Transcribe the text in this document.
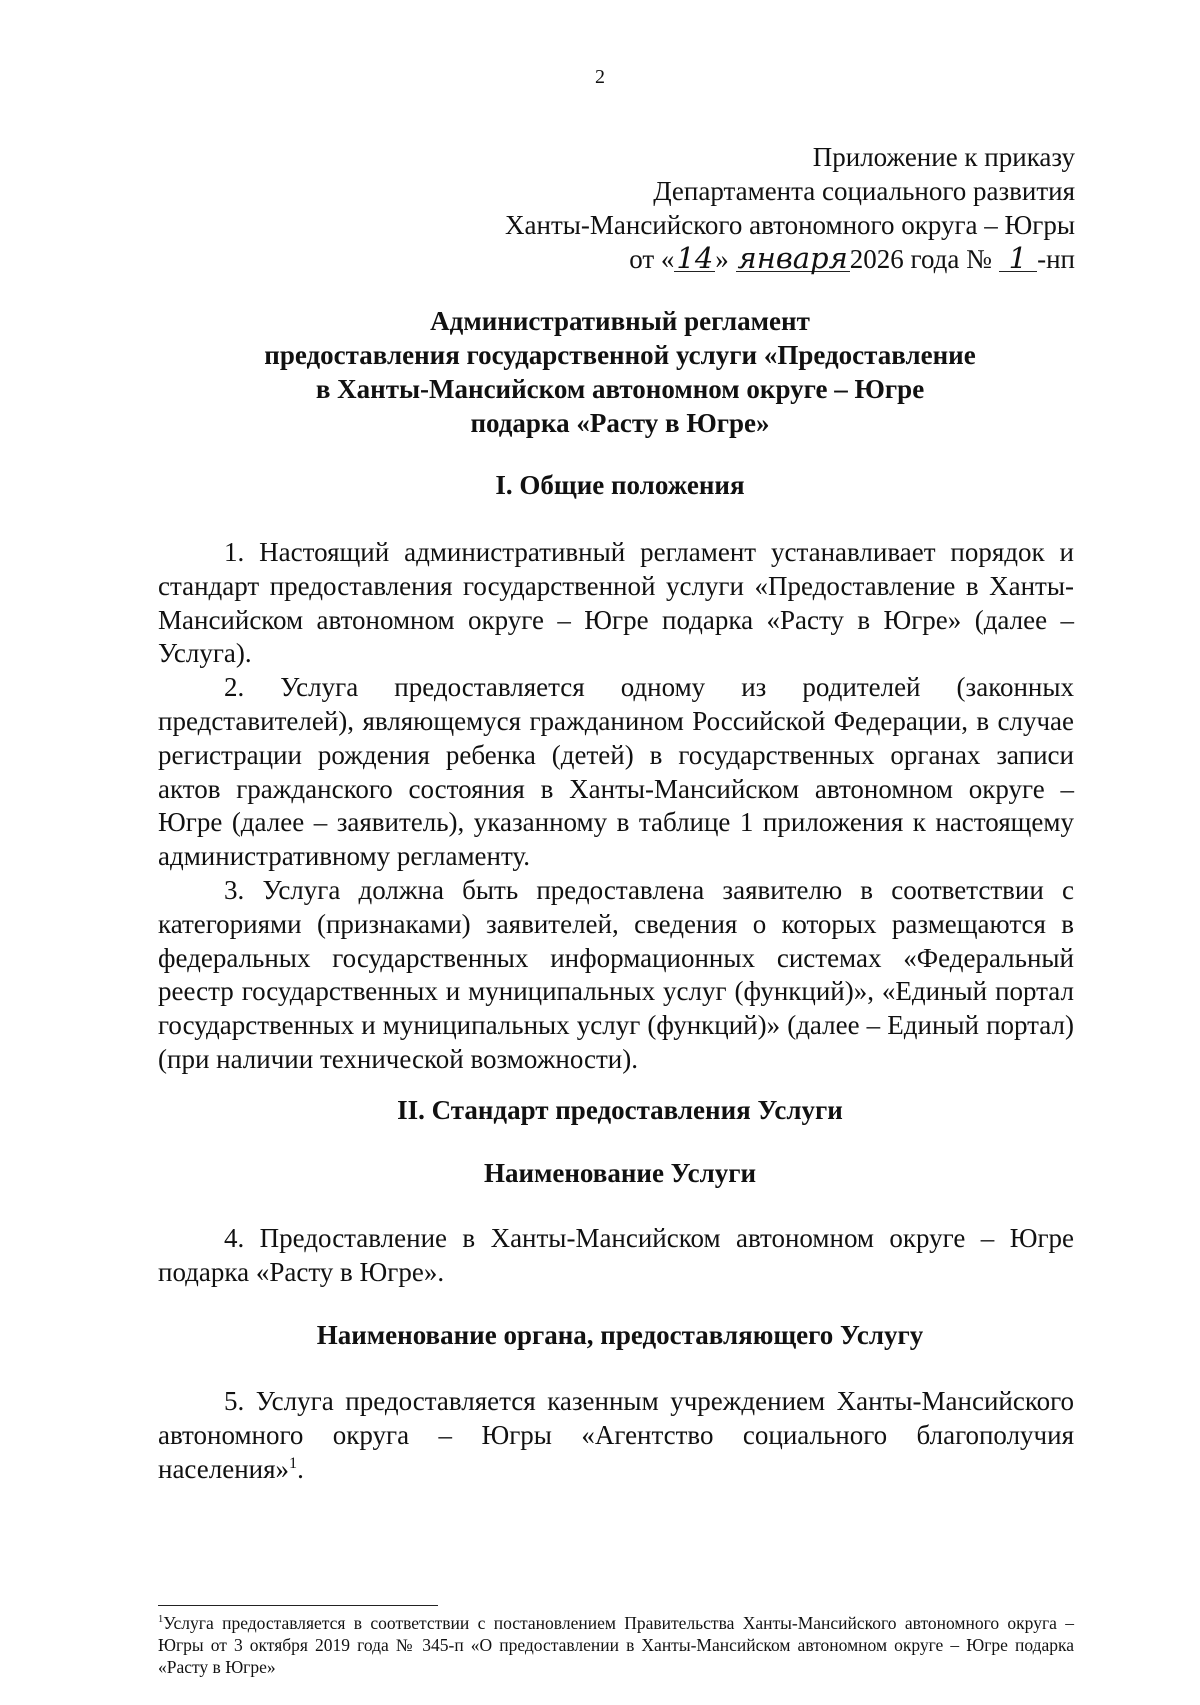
2
Приложение к приказу
Департамента социального развития
Ханты-Мансийского автономного округа – Югры
от «14» января2026 года № 1 -нп
Административный регламент
предоставления государственной услуги «Предоставление
в Ханты-Мансийском автономном округе – Югре
подарка «Расту в Югре»
I. Общие положения

1. Настоящий административный регламент устанавливает порядок и стандарт предоставления государственной услуги «Предоставление в Ханты-Мансийском автономном округе – Югре подарка «Расту в Югре» (далее – Услуга).

2. Услуга предоставляется одному из родителей (законных представителей), являющемуся гражданином Российской Федерации, в случае регистрации рождения ребенка (детей) в государственных органах записи актов гражданского состояния в Ханты-Мансийском автономном округе – Югре (далее – заявитель), указанному в таблице 1 приложения к настоящему административному регламенту.

3. Услуга должна быть предоставлена заявителю в соответствии с категориями (признаками) заявителей, сведения о которых размещаются в федеральных государственных информационных системах «Федеральный реестр государственных и муниципальных услуг (функций)», «Единый портал государственных и муниципальных услуг (функций)» (далее – Единый портал) (при наличии технической возможности).

II. Стандарт предоставления Услуги
Наименование Услуги

4. Предоставление в Ханты-Мансийском автономном округе – Югре подарка «Расту в Югре».

Наименование органа, предоставляющего Услугу

5. Услуга предоставляется казенным учреждением Ханты-Мансийского автономного округа – Югры «Агентство социального благополучия населения»$^1$.

$^1$Услуга предоставляется в соответствии с постановлением Правительства Ханты-Мансийского автономного округа – Югры от 3 октября 2019 года № 345-п «О предоставлении в Ханты-Мансийском автономном округе – Югре подарка «Расту в Югре»
